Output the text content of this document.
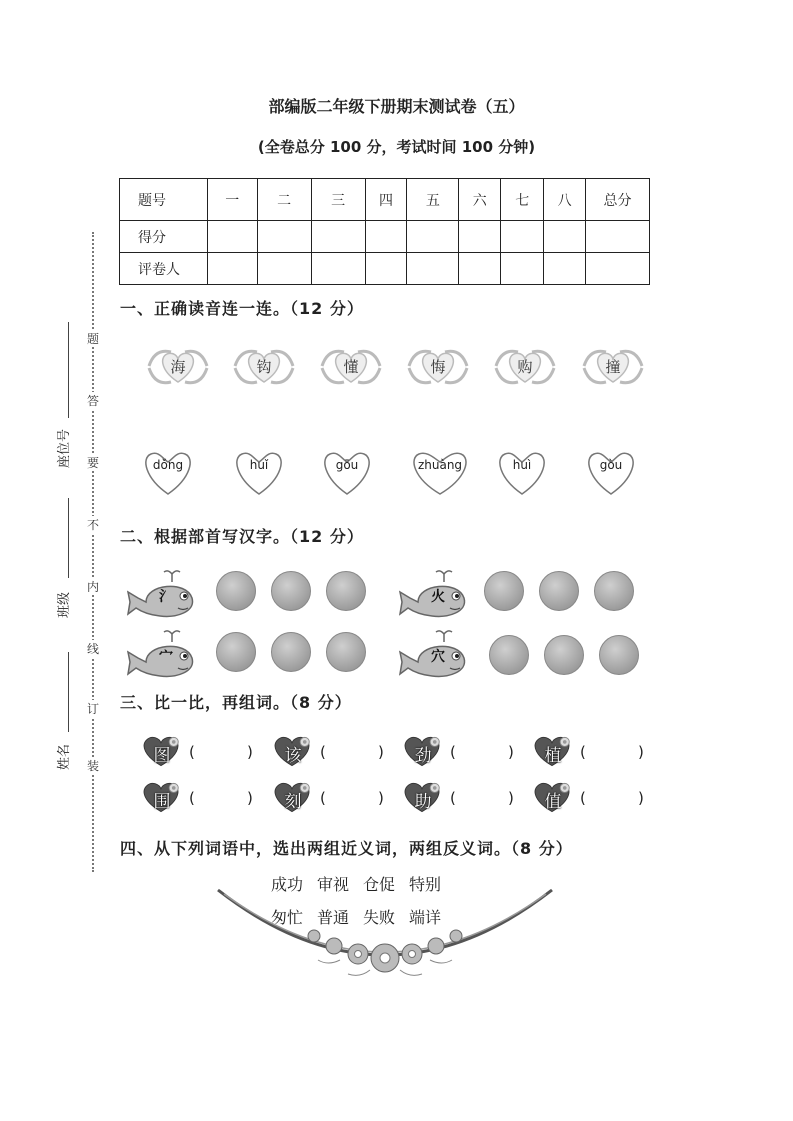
部编版二年级下册期末测试卷（五）
(全卷总分 100 分，考试时间 100 分钟)
题号	一	二	三	四	五	六	七	八	总分
得分									
评卷人									
题
答
要
不
内
线
订
装
座位号
班级
姓名
一、正确读音连一连。（12 分）
海	钩	懂	悔	购	撞
dǒng	huǐ	gōu	zhuàng	huì	gòu
二、根据部首写汉字。（12 分）
氵	火
宀	穴
三、比一比，再组词。（8 分）
图	(	)	该	(	)	劲	(	)	植	(	)
围	(	)	刻	(	)	助	(	)	值	(	)
四、从下列词语中，选出两组近义词，两组反义词。（8 分）
成功 审视 仓促 特别
匆忙 普通 失败 端详
